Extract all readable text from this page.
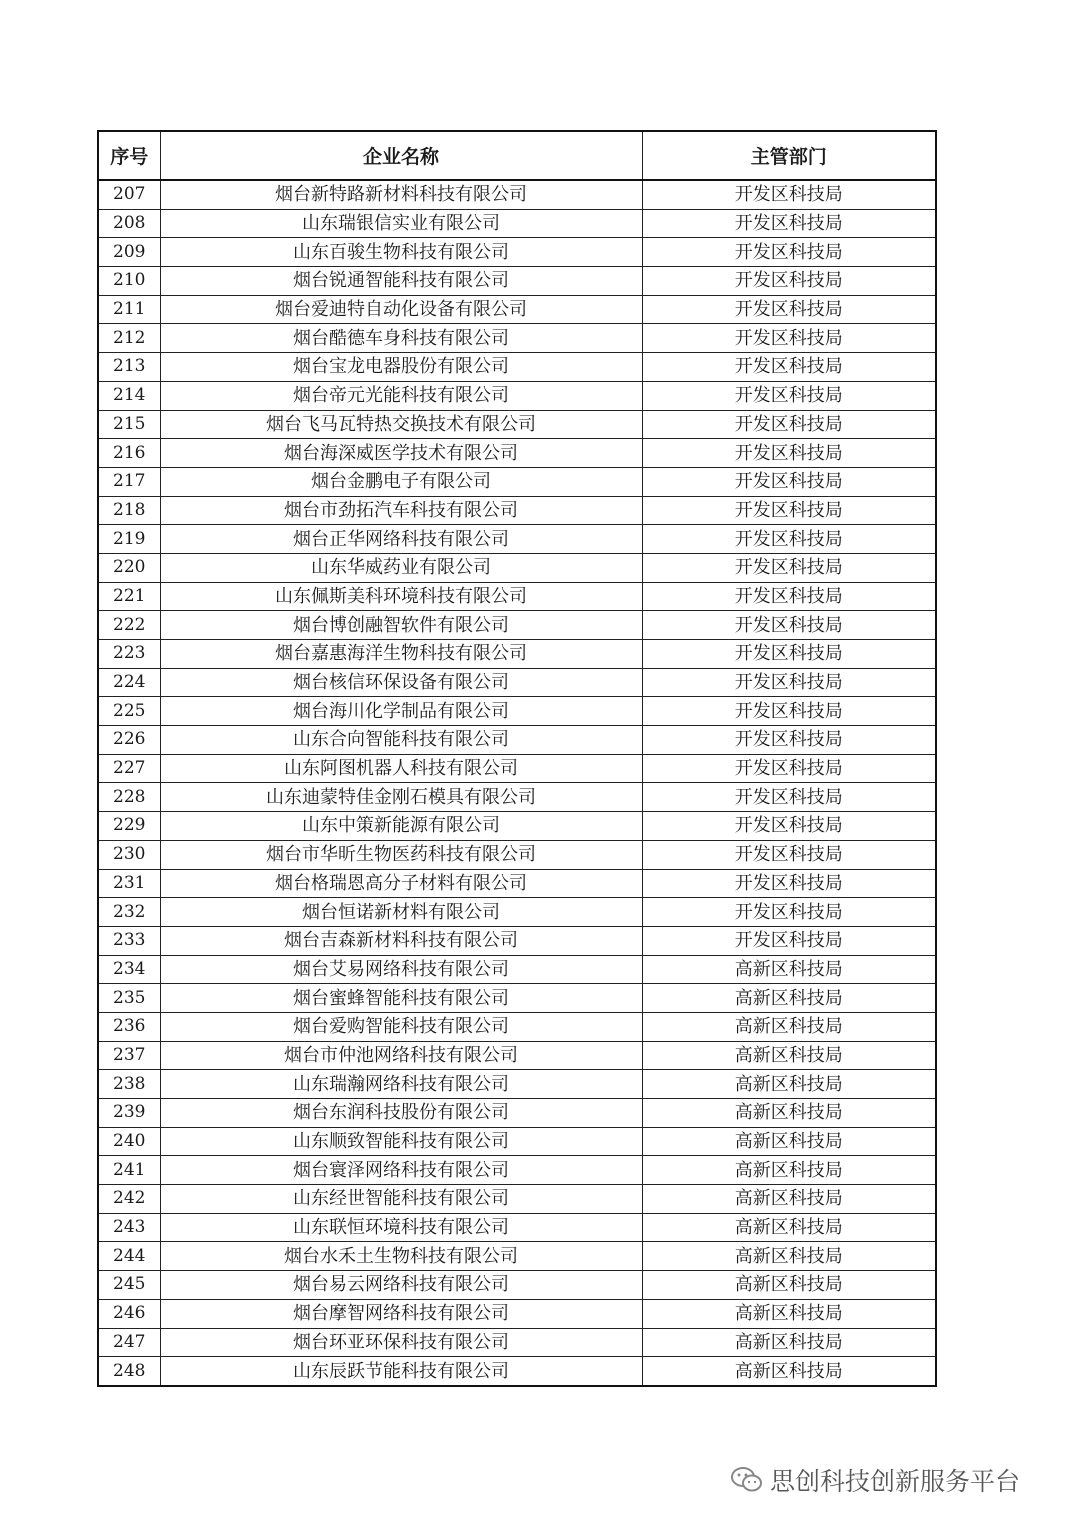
序号	企业名称	主管部门
207	烟台新特路新材料科技有限公司	开发区科技局
208	山东瑞银信实业有限公司	开发区科技局
209	山东百骏生物科技有限公司	开发区科技局
210	烟台锐通智能科技有限公司	开发区科技局
211	烟台爱迪特自动化设备有限公司	开发区科技局
212	烟台酷德车身科技有限公司	开发区科技局
213	烟台宝龙电器股份有限公司	开发区科技局
214	烟台帝元光能科技有限公司	开发区科技局
215	烟台飞马瓦特热交换技术有限公司	开发区科技局
216	烟台海深威医学技术有限公司	开发区科技局
217	烟台金鹏电子有限公司	开发区科技局
218	烟台市劲拓汽车科技有限公司	开发区科技局
219	烟台正华网络科技有限公司	开发区科技局
220	山东华威药业有限公司	开发区科技局
221	山东佩斯美科环境科技有限公司	开发区科技局
222	烟台博创融智软件有限公司	开发区科技局
223	烟台嘉惠海洋生物科技有限公司	开发区科技局
224	烟台核信环保设备有限公司	开发区科技局
225	烟台海川化学制品有限公司	开发区科技局
226	山东合向智能科技有限公司	开发区科技局
227	山东阿图机器人科技有限公司	开发区科技局
228	山东迪蒙特佳金刚石模具有限公司	开发区科技局
229	山东中策新能源有限公司	开发区科技局
230	烟台市华昕生物医药科技有限公司	开发区科技局
231	烟台格瑞恩高分子材料有限公司	开发区科技局
232	烟台恒诺新材料有限公司	开发区科技局
233	烟台吉森新材料科技有限公司	开发区科技局
234	烟台艾易网络科技有限公司	高新区科技局
235	烟台蜜蜂智能科技有限公司	高新区科技局
236	烟台爱购智能科技有限公司	高新区科技局
237	烟台市仲池网络科技有限公司	高新区科技局
238	山东瑞瀚网络科技有限公司	高新区科技局
239	烟台东润科技股份有限公司	高新区科技局
240	山东顺致智能科技有限公司	高新区科技局
241	烟台寰泽网络科技有限公司	高新区科技局
242	山东经世智能科技有限公司	高新区科技局
243	山东联恒环境科技有限公司	高新区科技局
244	烟台水禾土生物科技有限公司	高新区科技局
245	烟台易云网络科技有限公司	高新区科技局
246	烟台摩智网络科技有限公司	高新区科技局
247	烟台环亚环保科技有限公司	高新区科技局
248	山东辰跃节能科技有限公司	高新区科技局
思创科技创新服务平台
